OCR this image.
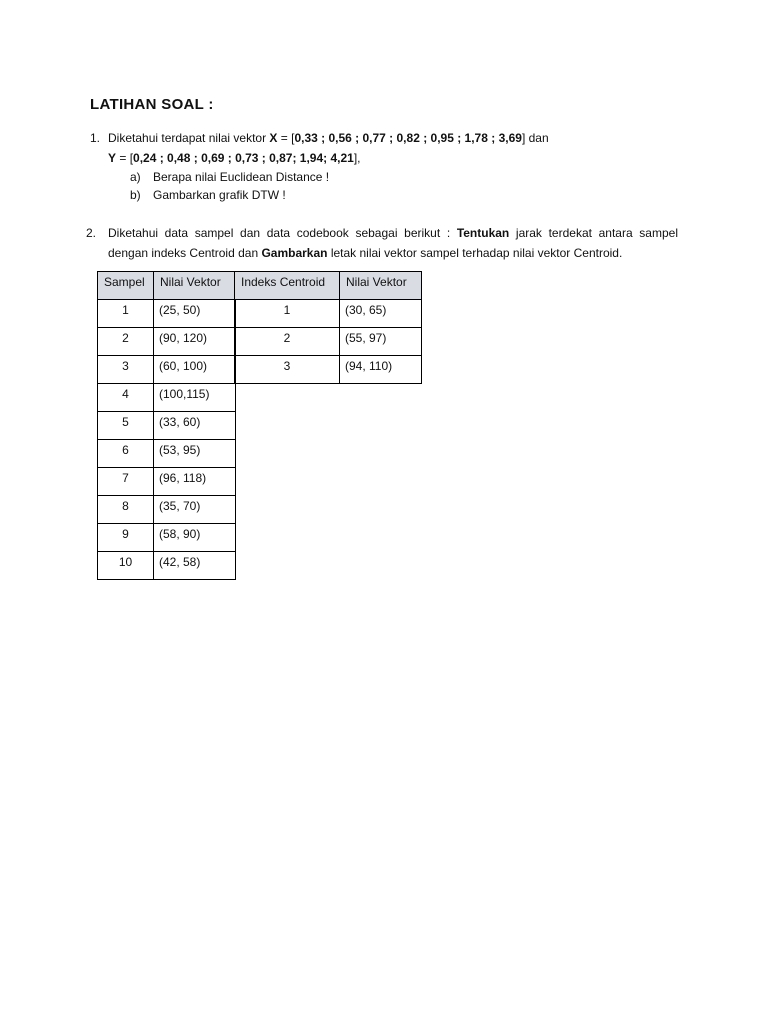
LATIHAN SOAL :
1. Diketahui terdapat nilai vektor X = [0,33 ; 0,56 ; 0,77 ; 0,82 ; 0,95 ; 1,78 ; 3,69] dan
Y = [0,24 ; 0,48 ; 0,69 ; 0,73 ; 0,87; 1,94; 4,21],
a) Berapa nilai Euclidean Distance !
b) Gambarkan grafik DTW !
2. Diketahui data sampel dan data codebook sebagai berikut : Tentukan jarak terdekat antara sampel
dengan indeks Centroid dan Gambarkan letak nilai vektor sampel terhadap nilai vektor Centroid.
Sampel	Nilai Vektor
1	(25, 50)
2	(90, 120)
3	(60, 100)
4	(100,115)
5	(33, 60)
6	(53, 95)
7	(96, 118)
8	(35, 70)
9	(58, 90)
10	(42, 58)
Indeks Centroid	Nilai Vektor
1	(30, 65)
2	(55, 97)
3	(94, 110)
